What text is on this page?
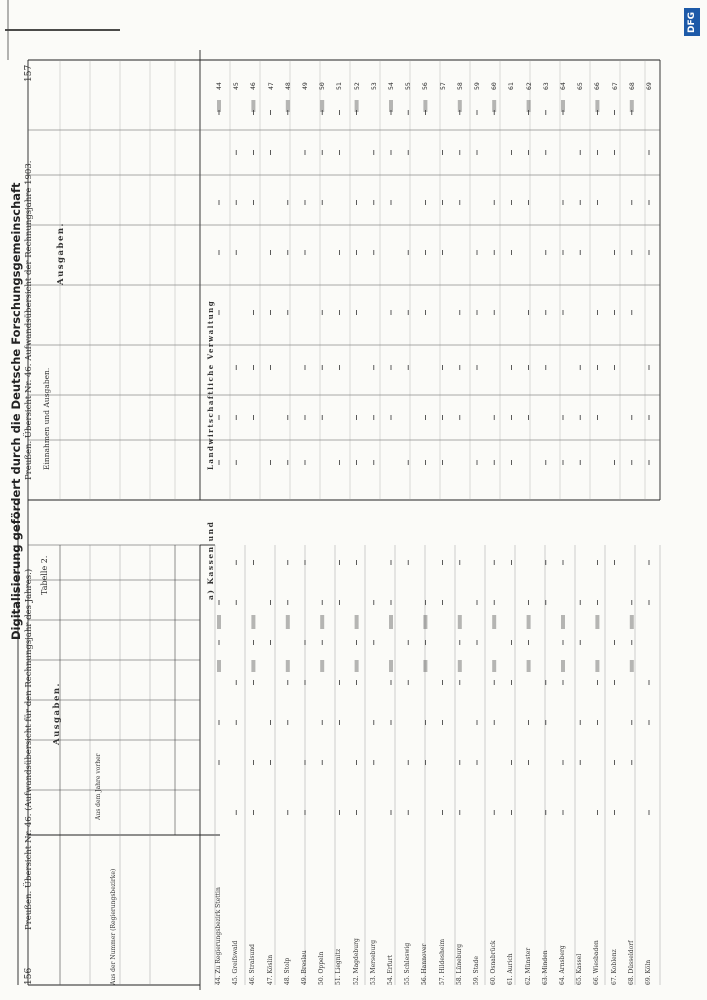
156
Preußen. Übersicht Nr. 46. (Aufwandsübersicht für den Rechnungsjahr des Jahres.) Tabelle 2.
Ausgaben.
Aus dem Jahre vorher
a) Kassen und
Aus der Nummer (Regierungsbezirke)	44. Zu Regierungsbezirk Stettin 45. Greifswald 46. Stralsund 47. Köslin 48. Stolp 49. Breslau 50. Oppeln 51. Liegnitz 52. Magdeburg 53. Merseburg 54. Erfurt 55. Schleswig 56. Hannover 57. Hildesheim 58. Lüneburg 59. Stade 60. Osnabrück 61. Aurich 62. Münster 63. Minden 64. Arnsberg 65. Kassel 66. Wiesbaden 67. Koblenz 68. Düsseldorf 69. Köln
Preußen. Übersicht Nr. 46. Aufwandsübersicht der Rechnungsjahre 1903.
157
Einnahmen und Ausgaben.
Ausgaben.
Landwirtschaftliche Verwaltung
44 45 46 47 48 49 50 51 52 53 54 55 56 57 58 59 60 61 62 63 64 65 66 67 68 69
DFG
Digitalisierung gefördert durch die Deutsche Forschungsgemeinschaft
